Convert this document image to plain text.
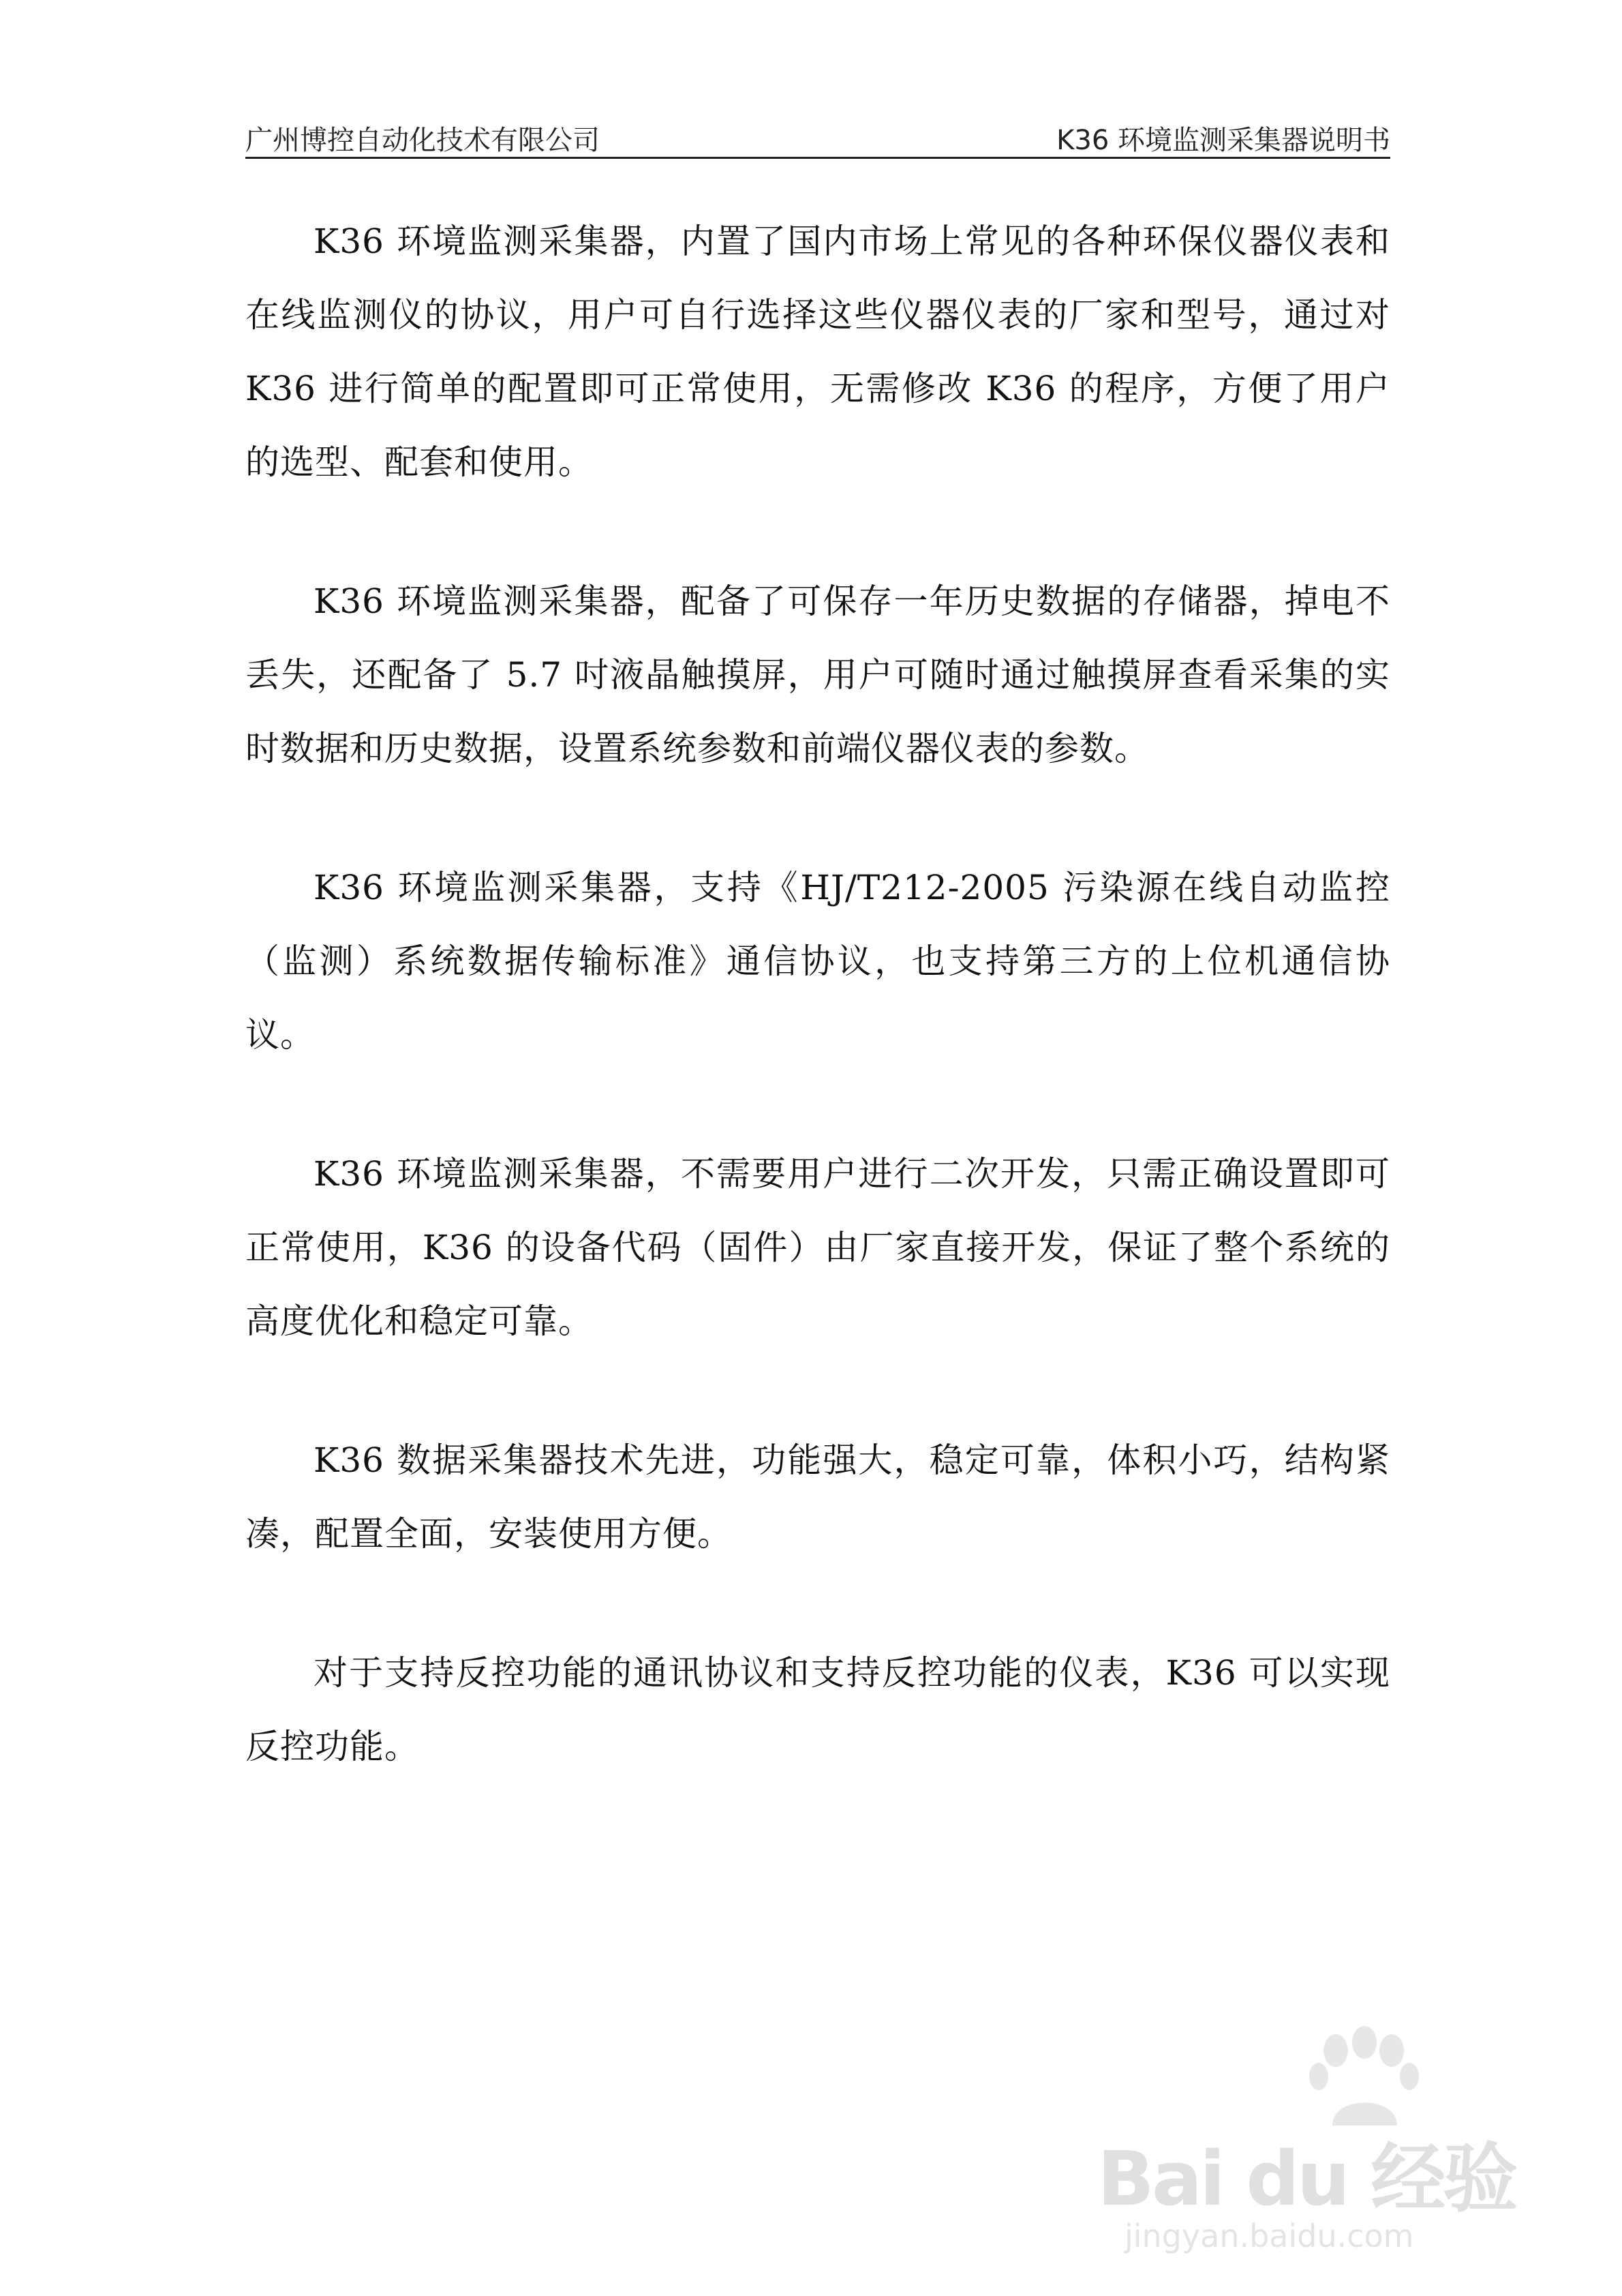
广州博控自动化技术有限公司	K36 环境监测采集器说明书

K36 环境监测采集器，内置了国内市场上常见的各种环保仪器仪表和在线监测仪的协议，用户可自行选择这些仪器仪表的厂家和型号，通过对 K36 进行简单的配置即可正常使用，无需修改 K36 的程序，方便了用户的选型、配套和使用。

K36 环境监测采集器，配备了可保存一年历史数据的存储器，掉电不丢失，还配备了 5.7 吋液晶触摸屏，用户可随时通过触摸屏查看采集的实时数据和历史数据，设置系统参数和前端仪器仪表的参数。

K36 环境监测采集器，支持《HJ/T212-2005 污染源在线自动监控（监测）系统数据传输标准》通信协议，也支持第三方的上位机通信协议。

K36 环境监测采集器，不需要用户进行二次开发，只需正确设置即可正常使用，K36 的设备代码（固件）由厂家直接开发，保证了整个系统的高度优化和稳定可靠。

K36 数据采集器技术先进，功能强大，稳定可靠，体积小巧，结构紧凑，配置全面，安装使用方便。

对于支持反控功能的通讯协议和支持反控功能的仪表，K36 可以实现反控功能。

Bai du 经验
jingyan.baidu.com
